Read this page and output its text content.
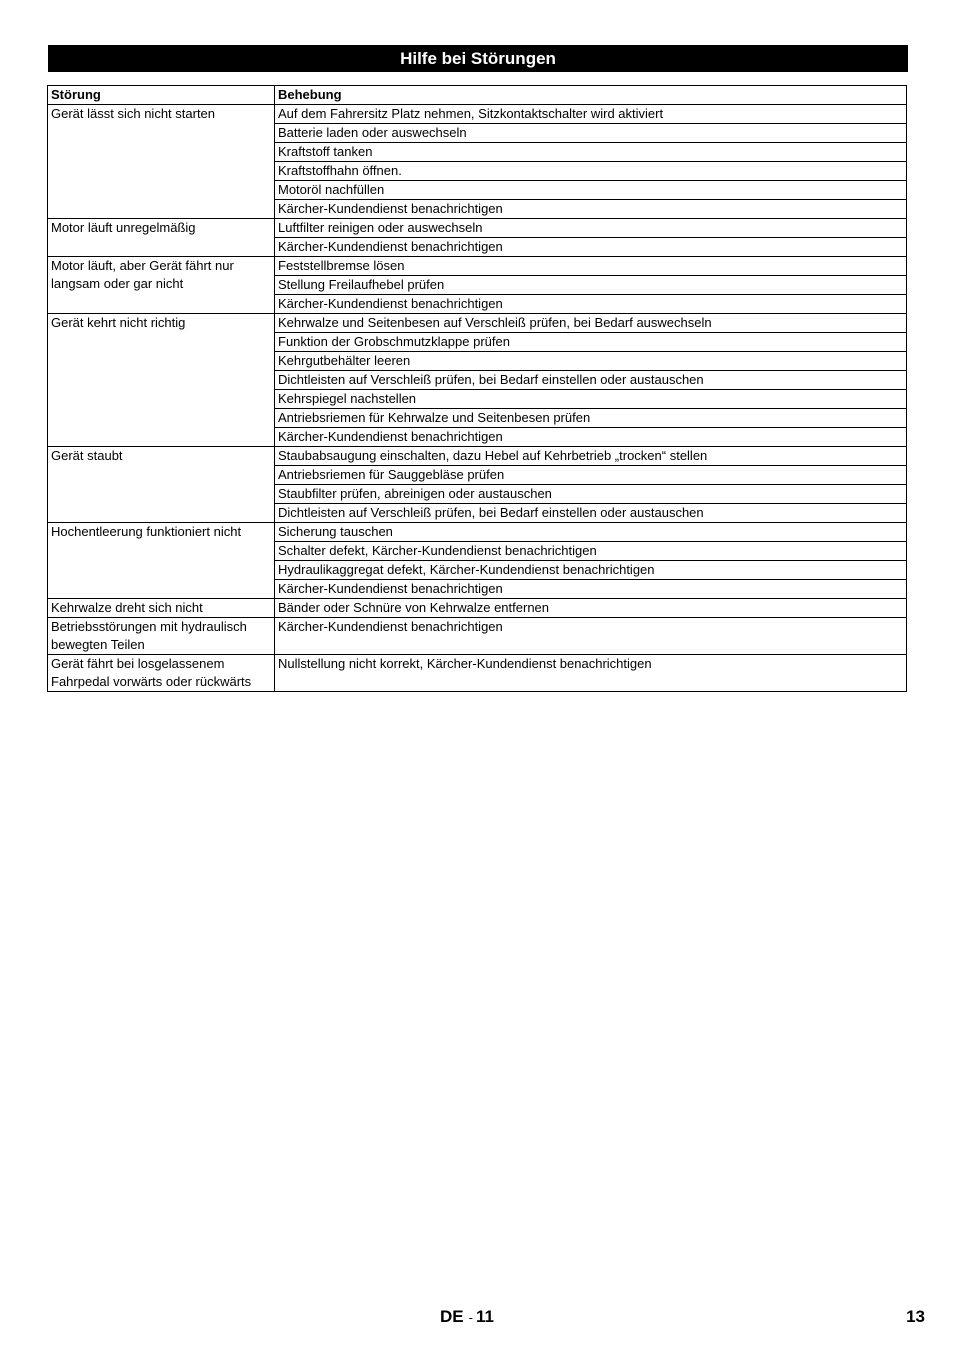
Hilfe bei Störungen
Störung	Behebung
Gerät lässt sich nicht starten	Auf dem Fahrersitz Platz nehmen, Sitzkontaktschalter wird aktiviert
	Batterie laden oder auswechseln
	Kraftstoff tanken
	Kraftstoffhahn öffnen.
	Motoröl nachfüllen
	Kärcher-Kundendienst benachrichtigen
Motor läuft unregelmäßig	Luftfilter reinigen oder auswechseln
	Kärcher-Kundendienst benachrichtigen
Motor läuft, aber Gerät fährt nur langsam oder gar nicht	Feststellbremse lösen
	Stellung Freilaufhebel prüfen
	Kärcher-Kundendienst benachrichtigen
Gerät kehrt nicht richtig	Kehrwalze und Seitenbesen auf Verschleiß prüfen, bei Bedarf auswechseln
	Funktion der Grobschmutzklappe prüfen
	Kehrgutbehälter leeren
	Dichtleisten auf Verschleiß prüfen, bei Bedarf einstellen oder austauschen
	Kehrspiegel nachstellen
	Antriebsriemen für Kehrwalze und Seitenbesen prüfen
	Kärcher-Kundendienst benachrichtigen
Gerät staubt	Staubabsaugung einschalten, dazu Hebel auf Kehrbetrieb „trocken“ stellen
	Antriebsriemen für Sauggebläse prüfen
	Staubfilter prüfen, abreinigen oder austauschen
	Dichtleisten auf Verschleiß prüfen, bei Bedarf einstellen oder austauschen
Hochentleerung funktioniert nicht	Sicherung tauschen
	Schalter defekt, Kärcher-Kundendienst benachrichtigen
	Hydraulikaggregat defekt, Kärcher-Kundendienst benachrichtigen
	Kärcher-Kundendienst benachrichtigen
Kehrwalze dreht sich nicht	Bänder oder Schnüre von Kehrwalze entfernen
Betriebsstörungen mit hydraulisch bewegten Teilen	Kärcher-Kundendienst benachrichtigen
Gerät fährt bei losgelassenem Fahrpedal vorwärts oder rückwärts	Nullstellung nicht korrekt, Kärcher-Kundendienst benachrichtigen
DE - 11	13
